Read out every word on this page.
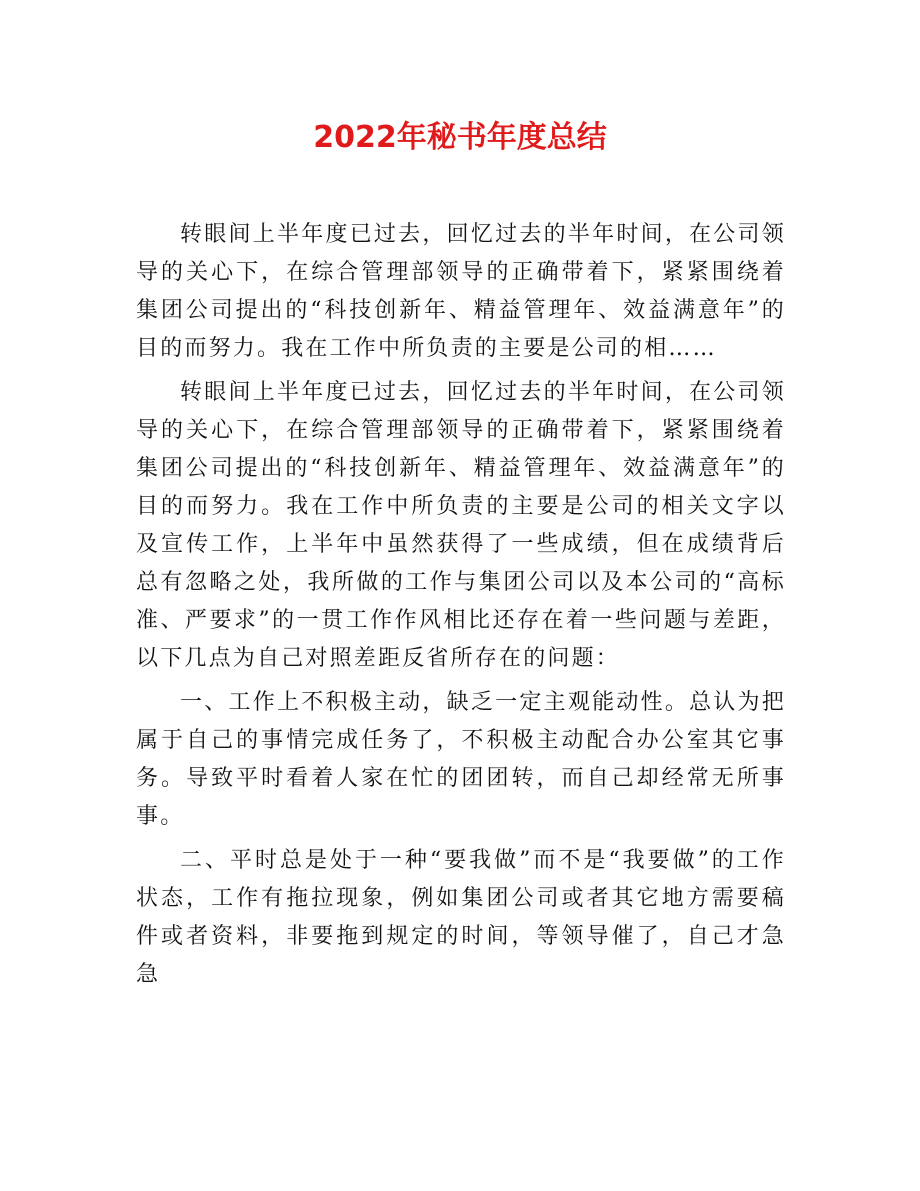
2022年秘书年度总结

转眼间上半年度已过去，回忆过去的半年时间，在公司领导的关心下，在综合管理部领导的正确带着下，紧紧围绕着集团公司提出的“科技创新年、精益管理年、效益满意年”的目的而努力。我在工作中所负责的主要是公司的相……

转眼间上半年度已过去，回忆过去的半年时间，在公司领导的关心下，在综合管理部领导的正确带着下，紧紧围绕着集团公司提出的“科技创新年、精益管理年、效益满意年”的目的而努力。我在工作中所负责的主要是公司的相关文字以及宣传工作，上半年中虽然获得了一些成绩，但在成绩背后总有忽略之处，我所做的工作与集团公司以及本公司的“高标准、严要求”的一贯工作作风相比还存在着一些问题与差距，以下几点为自己对照差距反省所存在的问题：

一、工作上不积极主动，缺乏一定主观能动性。总认为把属于自己的事情完成任务了，不积极主动配合办公室其它事务。导致平时看着人家在忙的团团转，而自己却经常无所事事。

二、平时总是处于一种“要我做”而不是“我要做”的工作状态，工作有拖拉现象，例如集团公司或者其它地方需要稿件或者资料，非要拖到规定的时间，等领导催了，自己才急急
